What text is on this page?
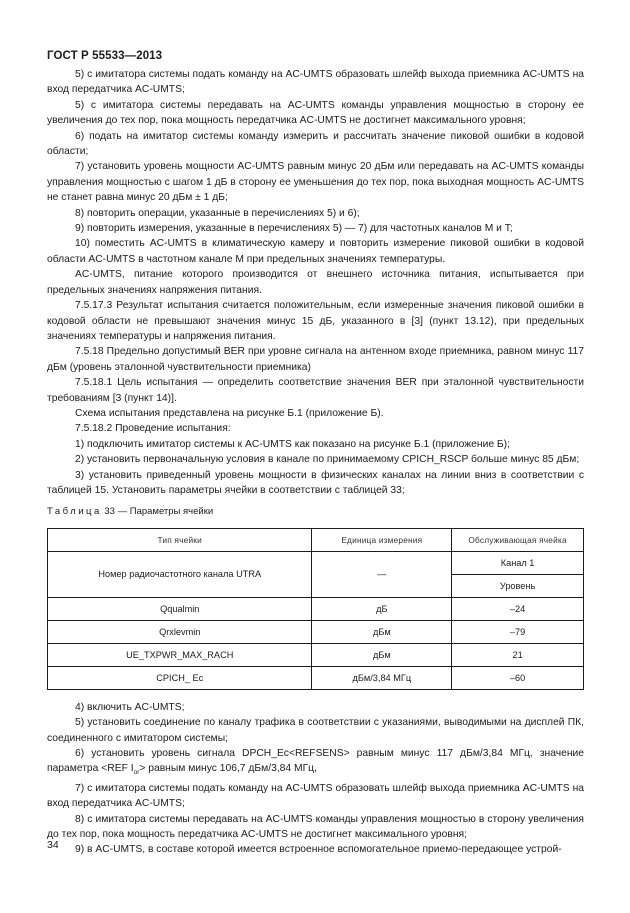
ГОСТ Р 55533—2013

5) с имитатора системы подать команду на AC-UMTS образовать шлейф выхода приемника AC-UMTS на вход передатчика AC-UMTS;

5) с имитатора системы передавать на AC-UMTS команды управления мощностью в сторону ее увеличения до тех пор, пока мощность передатчика AC-UMTS не достигнет максимального уровня;

6) подать на имитатор системы команду измерить и рассчитать значение пиковой ошибки в кодовой области;

7) установить уровень мощности AC-UMTS равным минус 20 дБм или передавать на AC-UMTS команды управления мощностью с шагом 1 дБ в сторону ее уменьшения до тех пор, пока выходная мощность AC-UMTS не станет равна минус 20 дБм ± 1 дБ;

8) повторить операции, указанные в перечислениях 5) и 6);

9) повторить измерения, указанные в перечислениях 5) — 7) для частотных каналов M и T;

10) поместить AC-UMTS в климатическую камеру и повторить измерение пиковой ошибки в кодовой области AC-UMTS в частотном канале M при предельных значениях температуры.

AC-UMTS, питание которого производится от внешнего источника питания, испытывается при предельных значениях напряжения питания.

7.5.17.3 Результат испытания считается положительным, если измеренные значения пиковой ошибки в кодовой области не превышают значения минус 15 дБ, указанного в [3] (пункт 13.12), при предельных значениях температуры и напряжения питания.

7.5.18 Предельно допустимый BER при уровне сигнала на антенном входе приемника, равном минус 117 дБм (уровень эталонной чувствительности приемника)

7.5.18.1 Цель испытания — определить соответствие значения BER при эталонной чувствительности требованиям [3 (пункт 14)].

Схема испытания представлена на рисунке Б.1 (приложение Б).

7.5.18.2 Проведение испытания:

1) подключить имитатор системы к AC-UMTS как показано на рисунке Б.1 (приложение Б);

2) установить первоначальную условия в канале по принимаемому CPICH_RSCP больше минус 85 дБм;

3) установить приведенный уровень мощности в физических каналах на линии вниз в соответствии с таблицей 15. Установить параметры ячейки в соответствии с таблицей 33;

Таблица 33 — Параметры ячейки

Тип ячейки	Единица измерения	Обслуживающая ячейка
Номер радиочастотного канала UTRA	—	Канал 1
		Уровень
Qqualmin	дБ	–24
Qrxlevmin	дБм	–79
UE_TXPWR_MAX_RACH	дБм	21
CPICH_ Ec	дБм/3,84 МГц	–60

4) включить AC-UMTS;

5) установить соединение по каналу трафика в соответствии с указаниями, выводимыми на дисплей ПК, соединенного с имитатором системы;

6) установить уровень сигнала DPCH_Ec<REFSENS> равным минус 117 дБм/3,84 МГц, значение параметра <REF $I_{or}>$ равным минус 106,7 дБм/3,84 МГц,

7) с имитатора системы подать команду на AC-UMTS образовать шлейф выхода приемника AC-UMTS на вход передатчика AC-UMTS;

8) с имитатора системы передавать на AC-UMTS команды управления мощностью в сторону увеличения до тех пор, пока мощность передатчика AC-UMTS не достигнет максимального уровня;

9) в AC-UMTS, в составе которой имеется встроенное вспомогательное приемо-передающее устрой-

34
